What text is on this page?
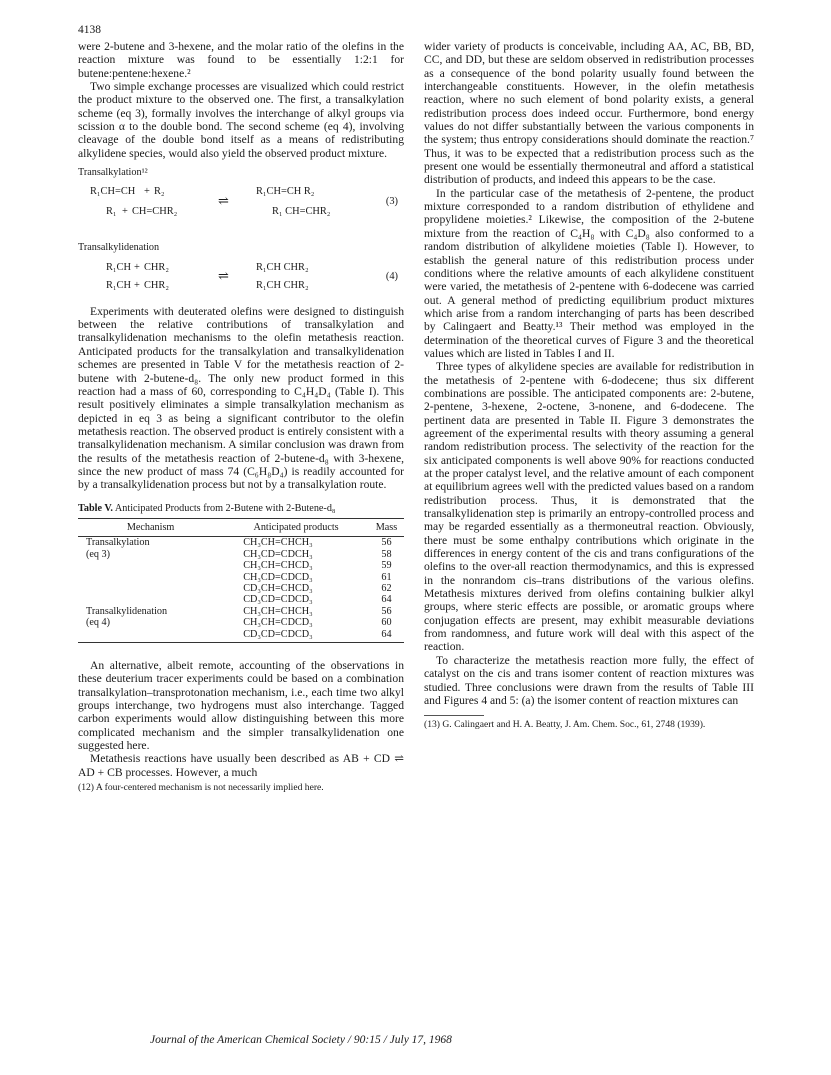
4138

were 2-butene and 3-hexene, and the molar ratio of the olefins in the reaction mixture was found to be essentially 1:2:1 for butene:pentene:hexene.²

Two simple exchange processes are visualized which could restrict the product mixture to the observed one. The first, a transalkylation scheme (eq 3), formally involves the interchange of alkyl groups via scission α to the double bond. The second scheme (eq 4), involving cleavage of the double bond itself as a means of redistributing alkylidene species, would also yield the observed product mixture.

Transalkylation¹²
R₁CH=CH + R₂
R₁ + CH=CHR₂
⇌
R₁CH=CH R₂
R₁ CH=CHR₂
(3)
Transalkylidenation
R₁CH + CHR₂
R₁CH + CHR₂
⇌
R₁CH CHR₂
R₁CH CHR₂
(4)

Experiments with deuterated olefins were designed to distinguish between the relative contributions of transalkylation and transalkylidenation mechanisms to the olefin metathesis reaction. Anticipated products for the transalkylation and transalkylidenation schemes are presented in Table V for the metathesis reaction of 2-butene with 2-butene-d₈. The only new product formed in this reaction had a mass of 60, corresponding to C₄H₄D₄ (Table I). This result positively eliminates a simple transalkylation mechanism as depicted in eq 3 as being a significant contributor to the olefin metathesis reaction. The observed product is entirely consistent with a transalkylidenation mechanism. A similar conclusion was drawn from the results of the metathesis reaction of 2-butene-d₈ with 3-hexene, since the new product of mass 74 (C₆H₈D₄) is readily accounted for by a transalkylidenation process but not by a transalkylation route.

Table V. Anticipated Products from 2-Butene with 2-Butene-d₈
Mechanism	Anticipated products	Mass
Transalkylation	CH₃CH=CHCH₃	56
(eq 3)	CH₃CD=CDCH₃	58
	CH₃CH=CHCD₃	59
	CH₃CD=CDCD₃	61
	CD₃CH=CHCD₃	62
	CD₃CD=CDCD₃	64
Transalkylidenation	CH₃CH=CHCH₃	56
(eq 4)	CH₃CH=CDCD₃	60
	CD₃CD=CDCD₃	64

An alternative, albeit remote, accounting of the observations in these deuterium tracer experiments could be based on a combination transalkylation–transprotonation mechanism, i.e., each time two alkyl groups interchange, two hydrogens must also interchange. Tagged carbon experiments would allow distinguishing between this more complicated mechanism and the simpler transalkylidenation one suggested here.

Metathesis reactions have usually been described as AB + CD ⇌ AD + CB processes. However, a much

(12) A four-centered mechanism is not necessarily implied here.

wider variety of products is conceivable, including AA, AC, BB, BD, CC, and DD, but these are seldom observed in redistribution processes as a consequence of the bond polarity usually found between the interchangeable constituents. However, in the olefin metathesis reaction, where no such element of bond polarity exists, a general redistribution process does indeed occur. Furthermore, bond energy values do not differ substantially between the various components in the system; thus entropy considerations should dominate the reaction.⁷ Thus, it was to be expected that a redistribution process such as the present one would be essentially thermoneutral and afford a statistical distribution of products, and indeed this appears to be the case.

In the particular case of the metathesis of 2-pentene, the product mixture corresponded to a random distribution of ethylidene and propylidene moieties.² Likewise, the composition of the 2-butene mixture from the reaction of C₄H₈ with C₄D₈ also conformed to a random distribution of alkylidene moieties (Table I). However, to establish the general nature of this redistribution process under conditions where the relative amounts of each alkylidene constituent were varied, the metathesis of 2-pentene with 6-dodecene was carried out. A general method of predicting equilibrium product mixtures which arise from a random interchanging of parts has been described by Calingaert and Beatty.¹³ Their method was employed in the determination of the theoretical curves of Figure 3 and the theoretical values which are listed in Tables I and II.

Three types of alkylidene species are available for redistribution in the metathesis of 2-pentene with 6-dodecene; thus six different combinations are possible. The anticipated components are: 2-butene, 2-pentene, 3-hexene, 2-octene, 3-nonene, and 6-dodecene. The pertinent data are presented in Table II. Figure 3 demonstrates the agreement of the experimental results with theory assuming a general random redistribution process. The selectivity of the reaction for the six anticipated components is well above 90% for reactions conducted at the proper catalyst level, and the relative amount of each component at equilibrium agrees well with the predicted values based on a random redistribution process. Thus, it is demonstrated that the transalkylidenation step is primarily an entropy-controlled process and may be regarded essentially as a thermoneutral reaction. Obviously, there must be some enthalpy contributions which originate in the differences in energy content of the cis and trans configurations of the olefins to the over-all reaction thermodynamics, and this is expressed in the nonrandom cis–trans distributions of the various olefins. Metathesis mixtures derived from olefins containing bulkier alkyl groups, where steric effects are possible, or aromatic groups where conjugation effects are present, may exhibit measurable deviations from randomness, and future work will deal with this aspect of the reaction.

To characterize the metathesis reaction more fully, the effect of catalyst on the cis and trans isomer content of reaction mixtures was studied. Three conclusions were drawn from the results of Table III and Figures 4 and 5: (a) the isomer content of reaction mixtures can

(13) G. Calingaert and H. A. Beatty, J. Am. Chem. Soc., 61, 2748 (1939).
Journal of the American Chemical Society / 90:15 / July 17, 1968
